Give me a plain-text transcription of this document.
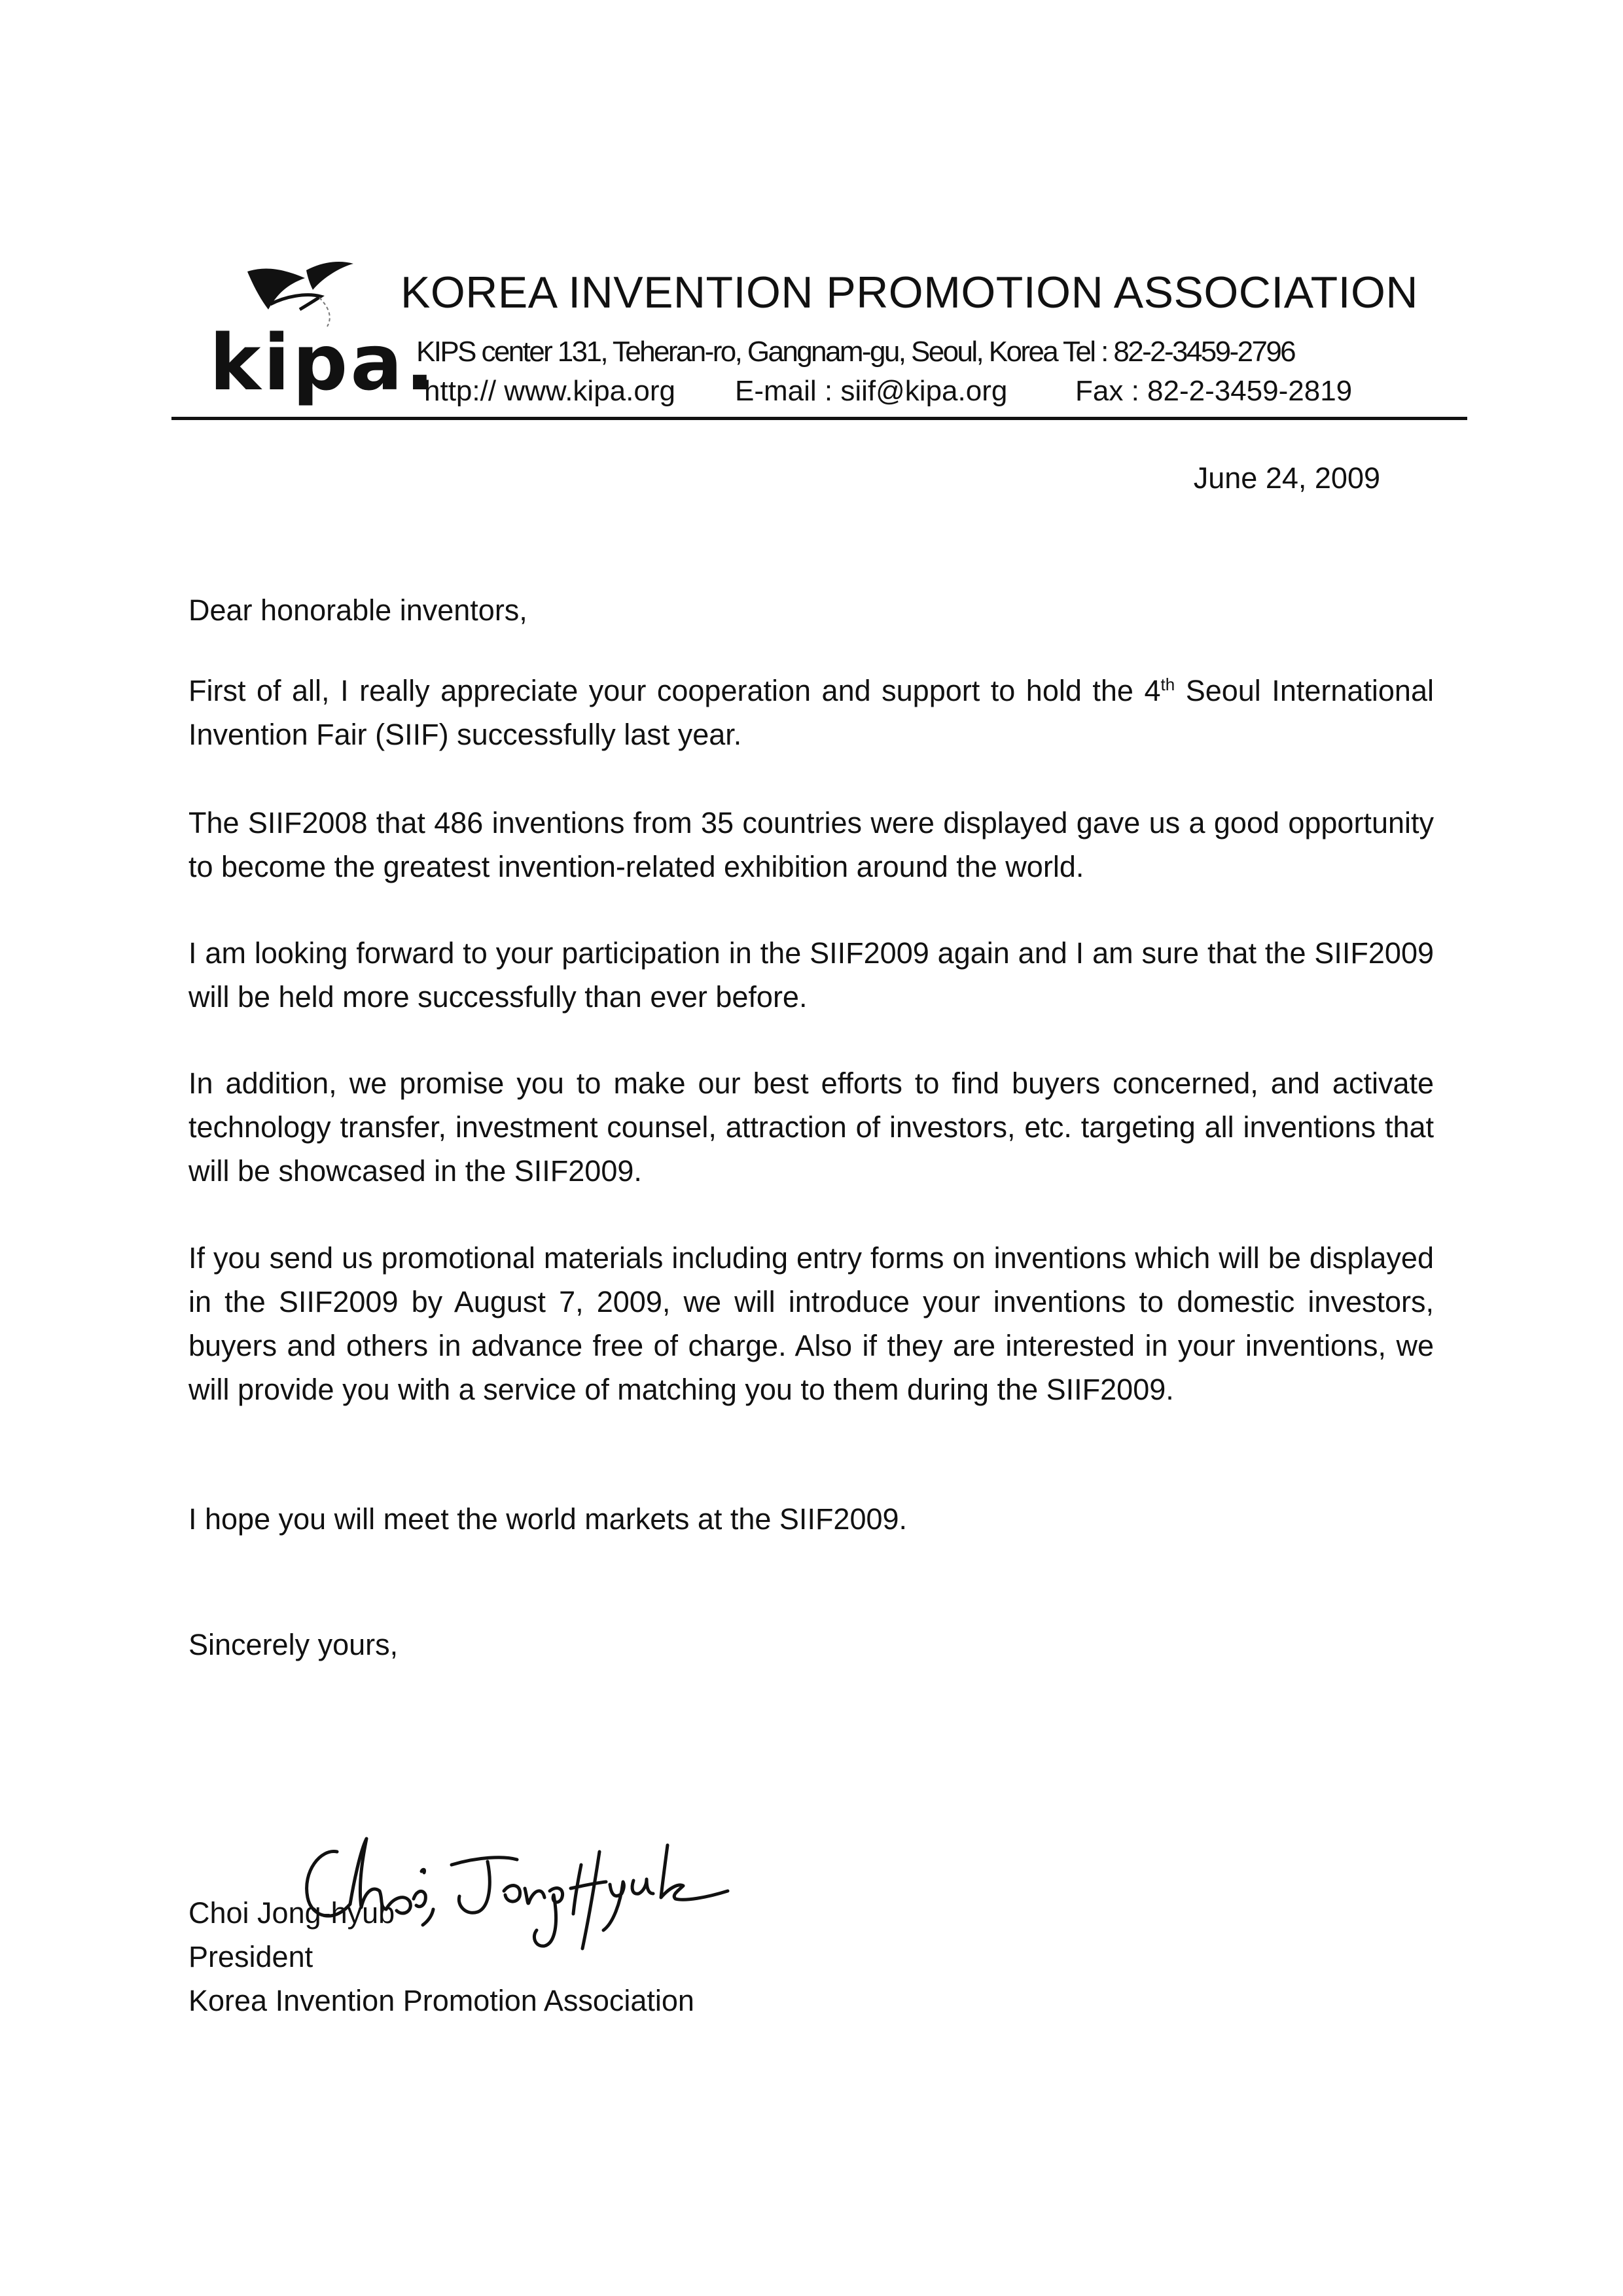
kipa.
KOREA INVENTION PROMOTION ASSOCIATION
KIPS center 131, Teheran-ro, Gangnam-gu, Seoul, Korea Tel : 82-2-3459-2796
http:// www.kipa.org E-mail : siif@kipa.org Fax : 82-2-3459-2819
June 24, 2009
Dear honorable inventors,
First of all, I really appreciate your cooperation and support to hold the 4th Seoul International Invention Fair (SIIF) successfully last year.
The SIIF2008 that 486 inventions from 35 countries were displayed gave us a good opportunity to become the greatest invention-related exhibition around the world.
I am looking forward to your participation in the SIIF2009 again and I am sure that the SIIF2009 will be held more successfully than ever before.
In addition, we promise you to make our best efforts to find buyers concerned, and activate technology transfer, investment counsel, attraction of investors, etc. targeting all inventions that will be showcased in the SIIF2009.
If you send us promotional materials including entry forms on inventions which will be displayed in the SIIF2009 by August 7, 2009, we will introduce your inventions to domestic investors, buyers and others in advance free of charge. Also if they are interested in your inventions, we will provide you with a service of matching you to them during the SIIF2009.
I hope you will meet the world markets at the SIIF2009.
Sincerely yours,
Choi Jong-hyub
President
Korea Invention Promotion Association
